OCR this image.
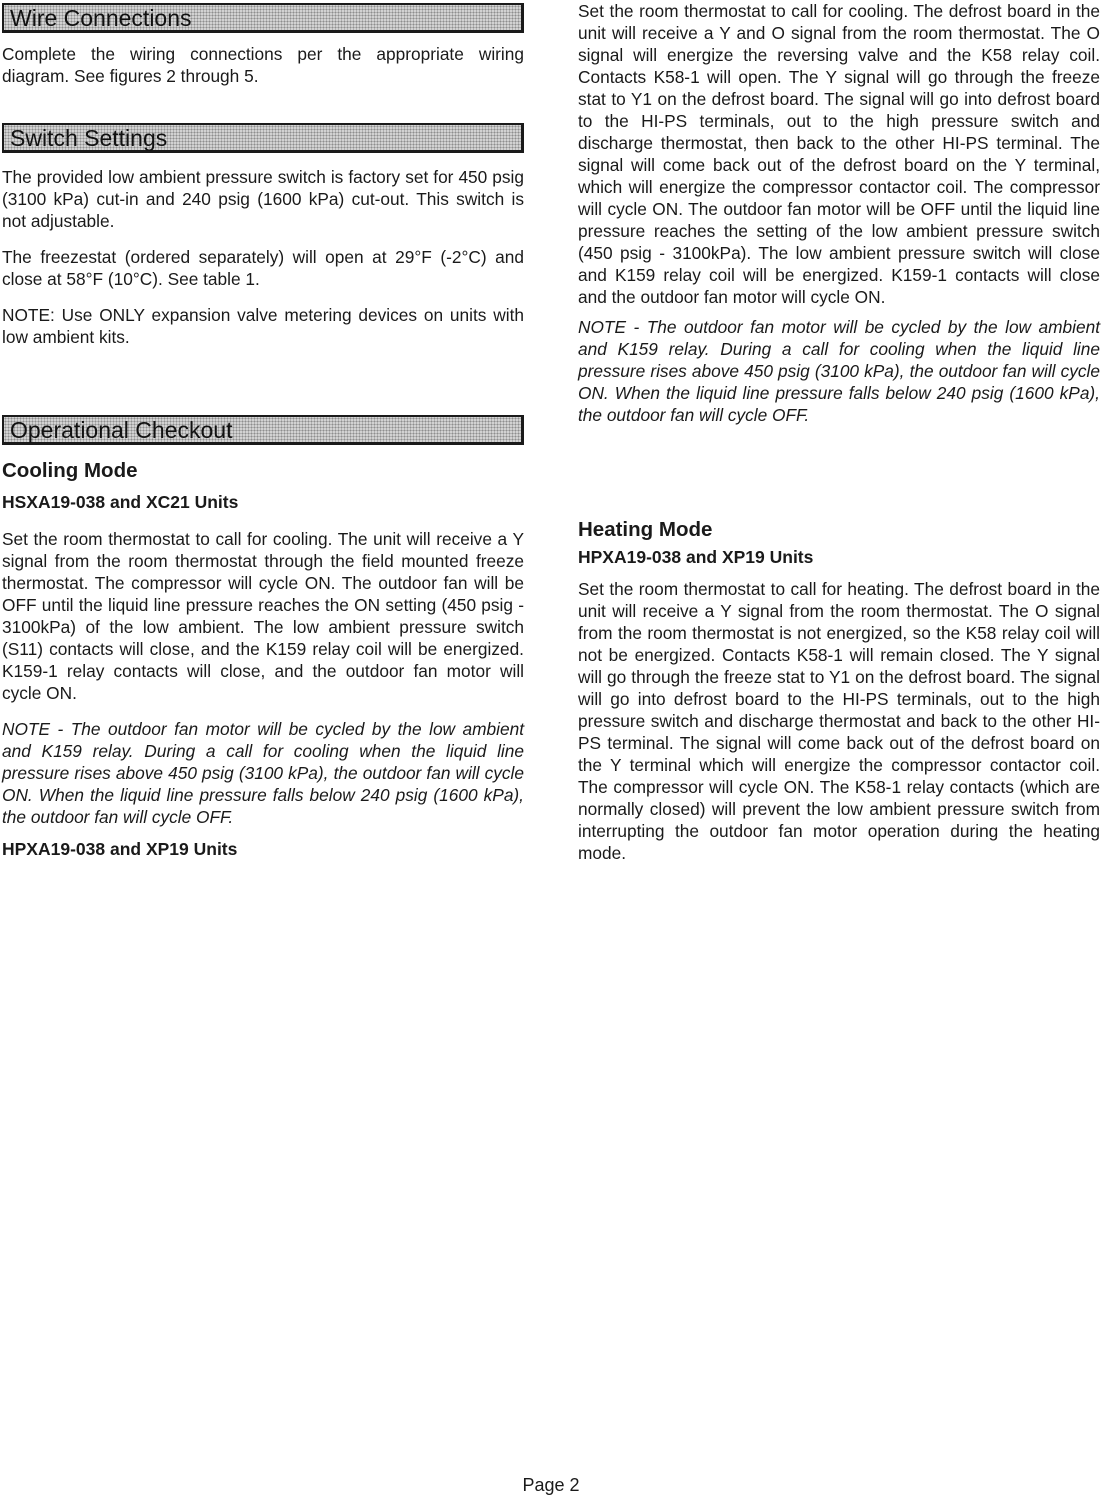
Wire Connections

Complete the wiring connections per the appropriate wiring diagram. See figures 2 through 5.

Switch Settings

The provided low ambient pressure switch is factory set for 450 psig (3100 kPa) cut-in and 240 psig (1600 kPa) cut-out. This switch is not adjustable.

The freezestat (ordered separately) will open at 29°F (-2°C) and close at 58°F (10°C). See table 1.

NOTE: Use ONLY expansion valve metering devices on units with low ambient kits.

Operational Checkout

Cooling Mode

HSXA19-038 and XC21 Units

Set the room thermostat to call for cooling. The unit will receive a Y signal from the room thermostat through the field mounted freeze thermostat. The compressor will cycle ON. The outdoor fan will be OFF until the liquid line pressure reaches the ON setting (450 psig - 3100kPa) of the low ambient. The low ambient pressure switch (S11) contacts will close, and the K159 relay coil will be energized. K159-1 relay contacts will close, and the outdoor fan motor will cycle ON.

NOTE - The outdoor fan motor will be cycled by the low ambient and K159 relay. During a call for cooling when the liquid line pressure rises above 450 psig (3100 kPa), the outdoor fan will cycle ON. When the liquid line pressure falls below 240 psig (1600 kPa), the outdoor fan will cycle OFF.

HPXA19-038 and XP19 Units

Set the room thermostat to call for cooling. The defrost board in the unit will receive a Y and O signal from the room thermostat. The O signal will energize the reversing valve and the K58 relay coil. Contacts K58-1 will open. The Y signal will go through the freeze stat to Y1 on the defrost board. The signal will go into defrost board to the HI-PS terminals, out to the high pressure switch and discharge thermostat, then back to the other HI-PS terminal. The signal will come back out of the defrost board on the Y terminal, which will energize the compressor contactor coil. The compressor will cycle ON. The outdoor fan motor will be OFF until the liquid line pressure reaches the setting of the low ambient pressure switch (450 psig - 3100kPa). The low ambient pressure switch will close and K159 relay coil will be energized. K159-1 contacts will close and the outdoor fan motor will cycle ON.

NOTE - The outdoor fan motor will be cycled by the low ambient and K159 relay. During a call for cooling when the liquid line pressure rises above 450 psig (3100 kPa), the outdoor fan will cycle ON. When the liquid line pressure falls below 240 psig (1600 kPa), the outdoor fan will cycle OFF.

Heating Mode

HPXA19-038 and XP19 Units

Set the room thermostat to call for heating. The defrost board in the unit will receive a Y signal from the room thermostat. The O signal from the room thermostat is not energized, so the K58 relay coil will not be energized. Contacts K58-1 will remain closed. The Y signal will go through the freeze stat to Y1 on the defrost board. The signal will go into defrost board to the HI-PS terminals, out to the high pressure switch and discharge thermostat and back to the other HI-PS terminal. The signal will come back out of the defrost board on the Y terminal which will energize the compressor contactor coil. The compressor will cycle ON. The K58-1 relay contacts (which are normally closed) will prevent the low ambient pressure switch from interrupting the outdoor fan motor operation during the heating mode.

Page 2
